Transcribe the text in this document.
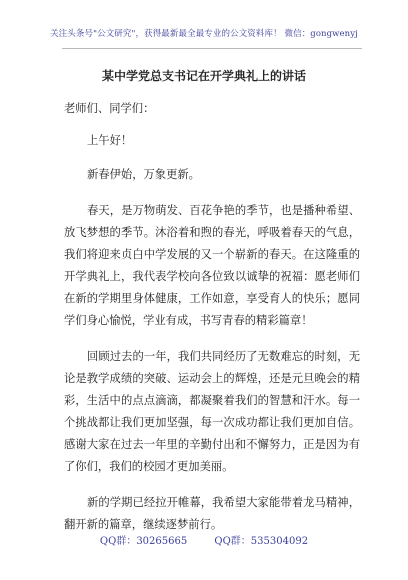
关注头条号"公文研究"，获得最新最全最专业的公文资料库！ 微信：gongwenyj
某中学党总支书记在开学典礼上的讲话

老师们、同学们：

上午好！

新春伊始，万象更新。

春天，是万物萌发、百花争艳的季节，也是播种希望、放飞梦想的季节。沐浴着和煦的春光，呼吸着春天的气息，我们将迎来贞白中学发展的又一个崭新的春天。在这隆重的开学典礼上，我代表学校向各位致以诚挚的祝福：愿老师们在新的学期里身体健康，工作如意，享受育人的快乐；愿同学们身心愉悦，学业有成，书写青春的精彩篇章！

回顾过去的一年，我们共同经历了无数难忘的时刻，无论是教学成绩的突破、运动会上的辉煌，还是元旦晚会的精彩，生活中的点点滴滴，都凝聚着我们的智慧和汗水。每一个挑战都让我们更加坚强，每一次成功都让我们更加自信。感谢大家在过去一年里的辛勤付出和不懈努力，正是因为有了你们，我们的校园才更加美丽。

新的学期已经拉开帷幕，我希望大家能带着龙马精神，翻开新的篇章，继续逐梦前行。

QQ群：30265665	QQ群：535304092
